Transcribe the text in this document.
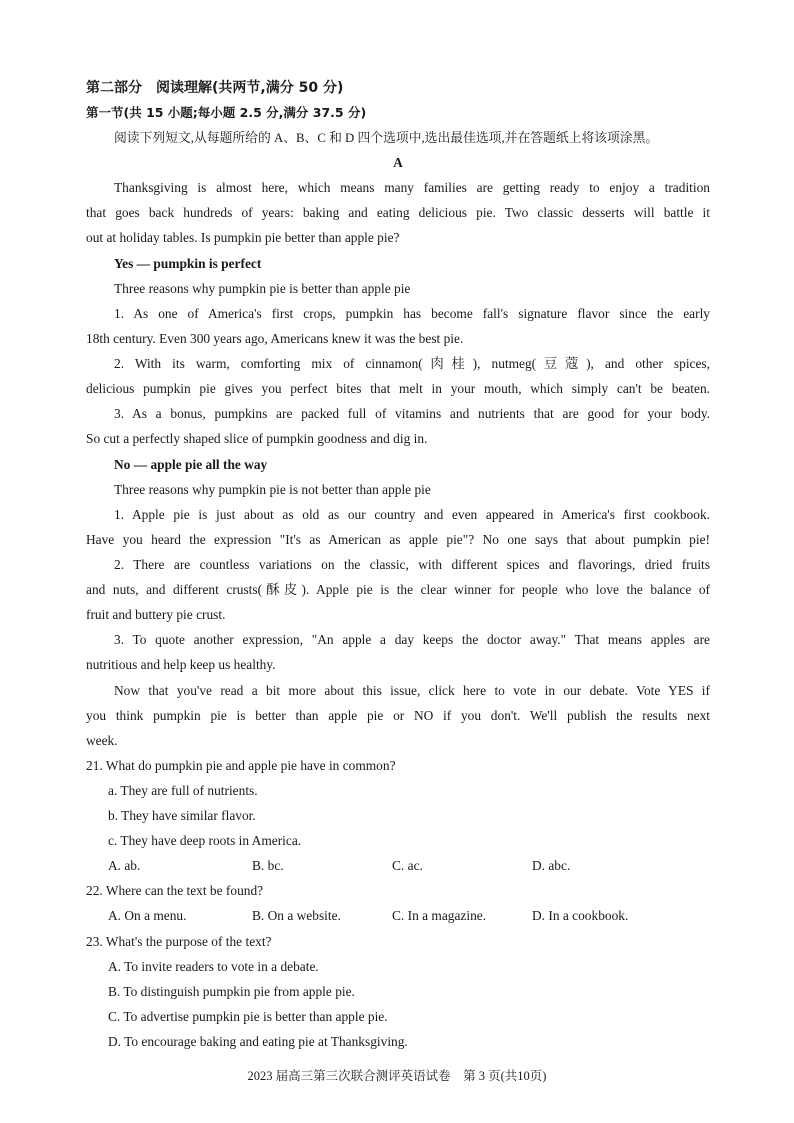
第二部分　阅读理解(共两节,满分 50 分)
第一节(共 15 小题;每小题 2.5 分,满分 37.5 分)
阅读下列短文,从每题所给的 A、B、C 和 D 四个选项中,选出最佳选项,并在答题纸上将该项涂黑。
A
Thanksgiving is almost here, which means many families are getting ready to enjoy a tradition
that goes back hundreds of years: baking and eating delicious pie. Two classic desserts will battle it
out at holiday tables. Is pumpkin pie better than apple pie?
Yes — pumpkin is perfect
Three reasons why pumpkin pie is better than apple pie
1. As one of America's first crops, pumpkin has become fall's signature flavor since the early
18th century. Even 300 years ago, Americans knew it was the best pie.
2. With its warm, comforting mix of cinnamon(肉桂), nutmeg(豆蔻), and other spices,
delicious pumpkin pie gives you perfect bites that melt in your mouth, which simply can't be beaten.
3. As a bonus, pumpkins are packed full of vitamins and nutrients that are good for your body.
So cut a perfectly shaped slice of pumpkin goodness and dig in.
No — apple pie all the way
Three reasons why pumpkin pie is not better than apple pie
1. Apple pie is just about as old as our country and even appeared in America's first cookbook.
Have you heard the expression "It's as American as apple pie"? No one says that about pumpkin pie!
2. There are countless variations on the classic, with different spices and flavorings, dried fruits
and nuts, and different crusts(酥皮). Apple pie is the clear winner for people who love the balance of
fruit and buttery pie crust.
3. To quote another expression, "An apple a day keeps the doctor away." That means apples are
nutritious and help keep us healthy.
Now that you've read a bit more about this issue, click here to vote in our debate. Vote YES if
you think pumpkin pie is better than apple pie or NO if you don't. We'll publish the results next
week.
21. What do pumpkin pie and apple pie have in common?
a. They are full of nutrients.
b. They have similar flavor.
c. They have deep roots in America.
A. ab.	B. bc.	C. ac.	D. abc.
22. Where can the text be found?
A. On a menu.	B. On a website.	C. In a magazine.	D. In a cookbook.
23. What's the purpose of the text?
A. To invite readers to vote in a debate.
B. To distinguish pumpkin pie from apple pie.
C. To advertise pumpkin pie is better than apple pie.
D. To encourage baking and eating pie at Thanksgiving.
2023 届高三第三次联合测评英语试卷　第 3 页(共10页)
